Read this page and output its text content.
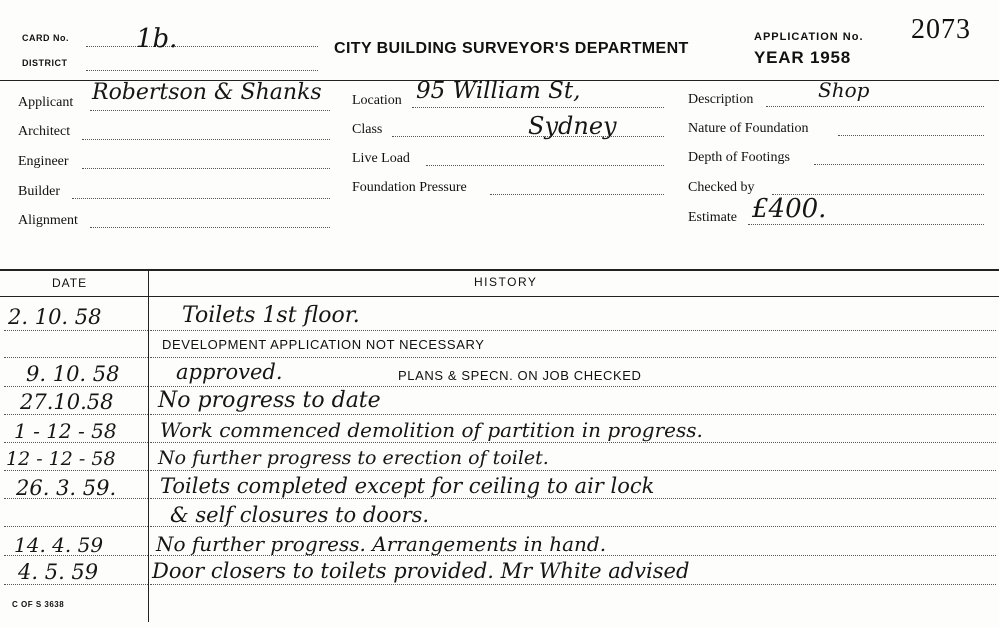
CARD No.	1b.
DISTRICT
CITY BUILDING SURVEYOR'S DEPARTMENT
APPLICATION No. 2073
YEAR 1958
Applicant Robertson & Shanks
Architect
Engineer
Builder
Alignment
Location 95 William St,
Class	Sydney
Live Load
Foundation Pressure
Description	Shop
Nature of Foundation
Depth of Footings
Checked by
Estimate £400.
DATE	HISTORY
2. 10. 58	Toilets 1st floor.
DEVELOPMENT APPLICATION NOT NECESSARY
9. 10. 58	approved.	PLANS & SPECN. ON JOB CHECKED
27.10.58 No progress to date
1 - 12 - 58 Work commenced demolition of partition in progress.
12 - 12 - 58 No further progress to erection of toilet.
26. 3. 59. Toilets completed except for ceiling to air lock
& self closures to doors.
14. 4. 59	No further progress. Arrangements in hand.
4. 5. 59	Door closers to toilets provided. Mr White advised
C OF S 3638
